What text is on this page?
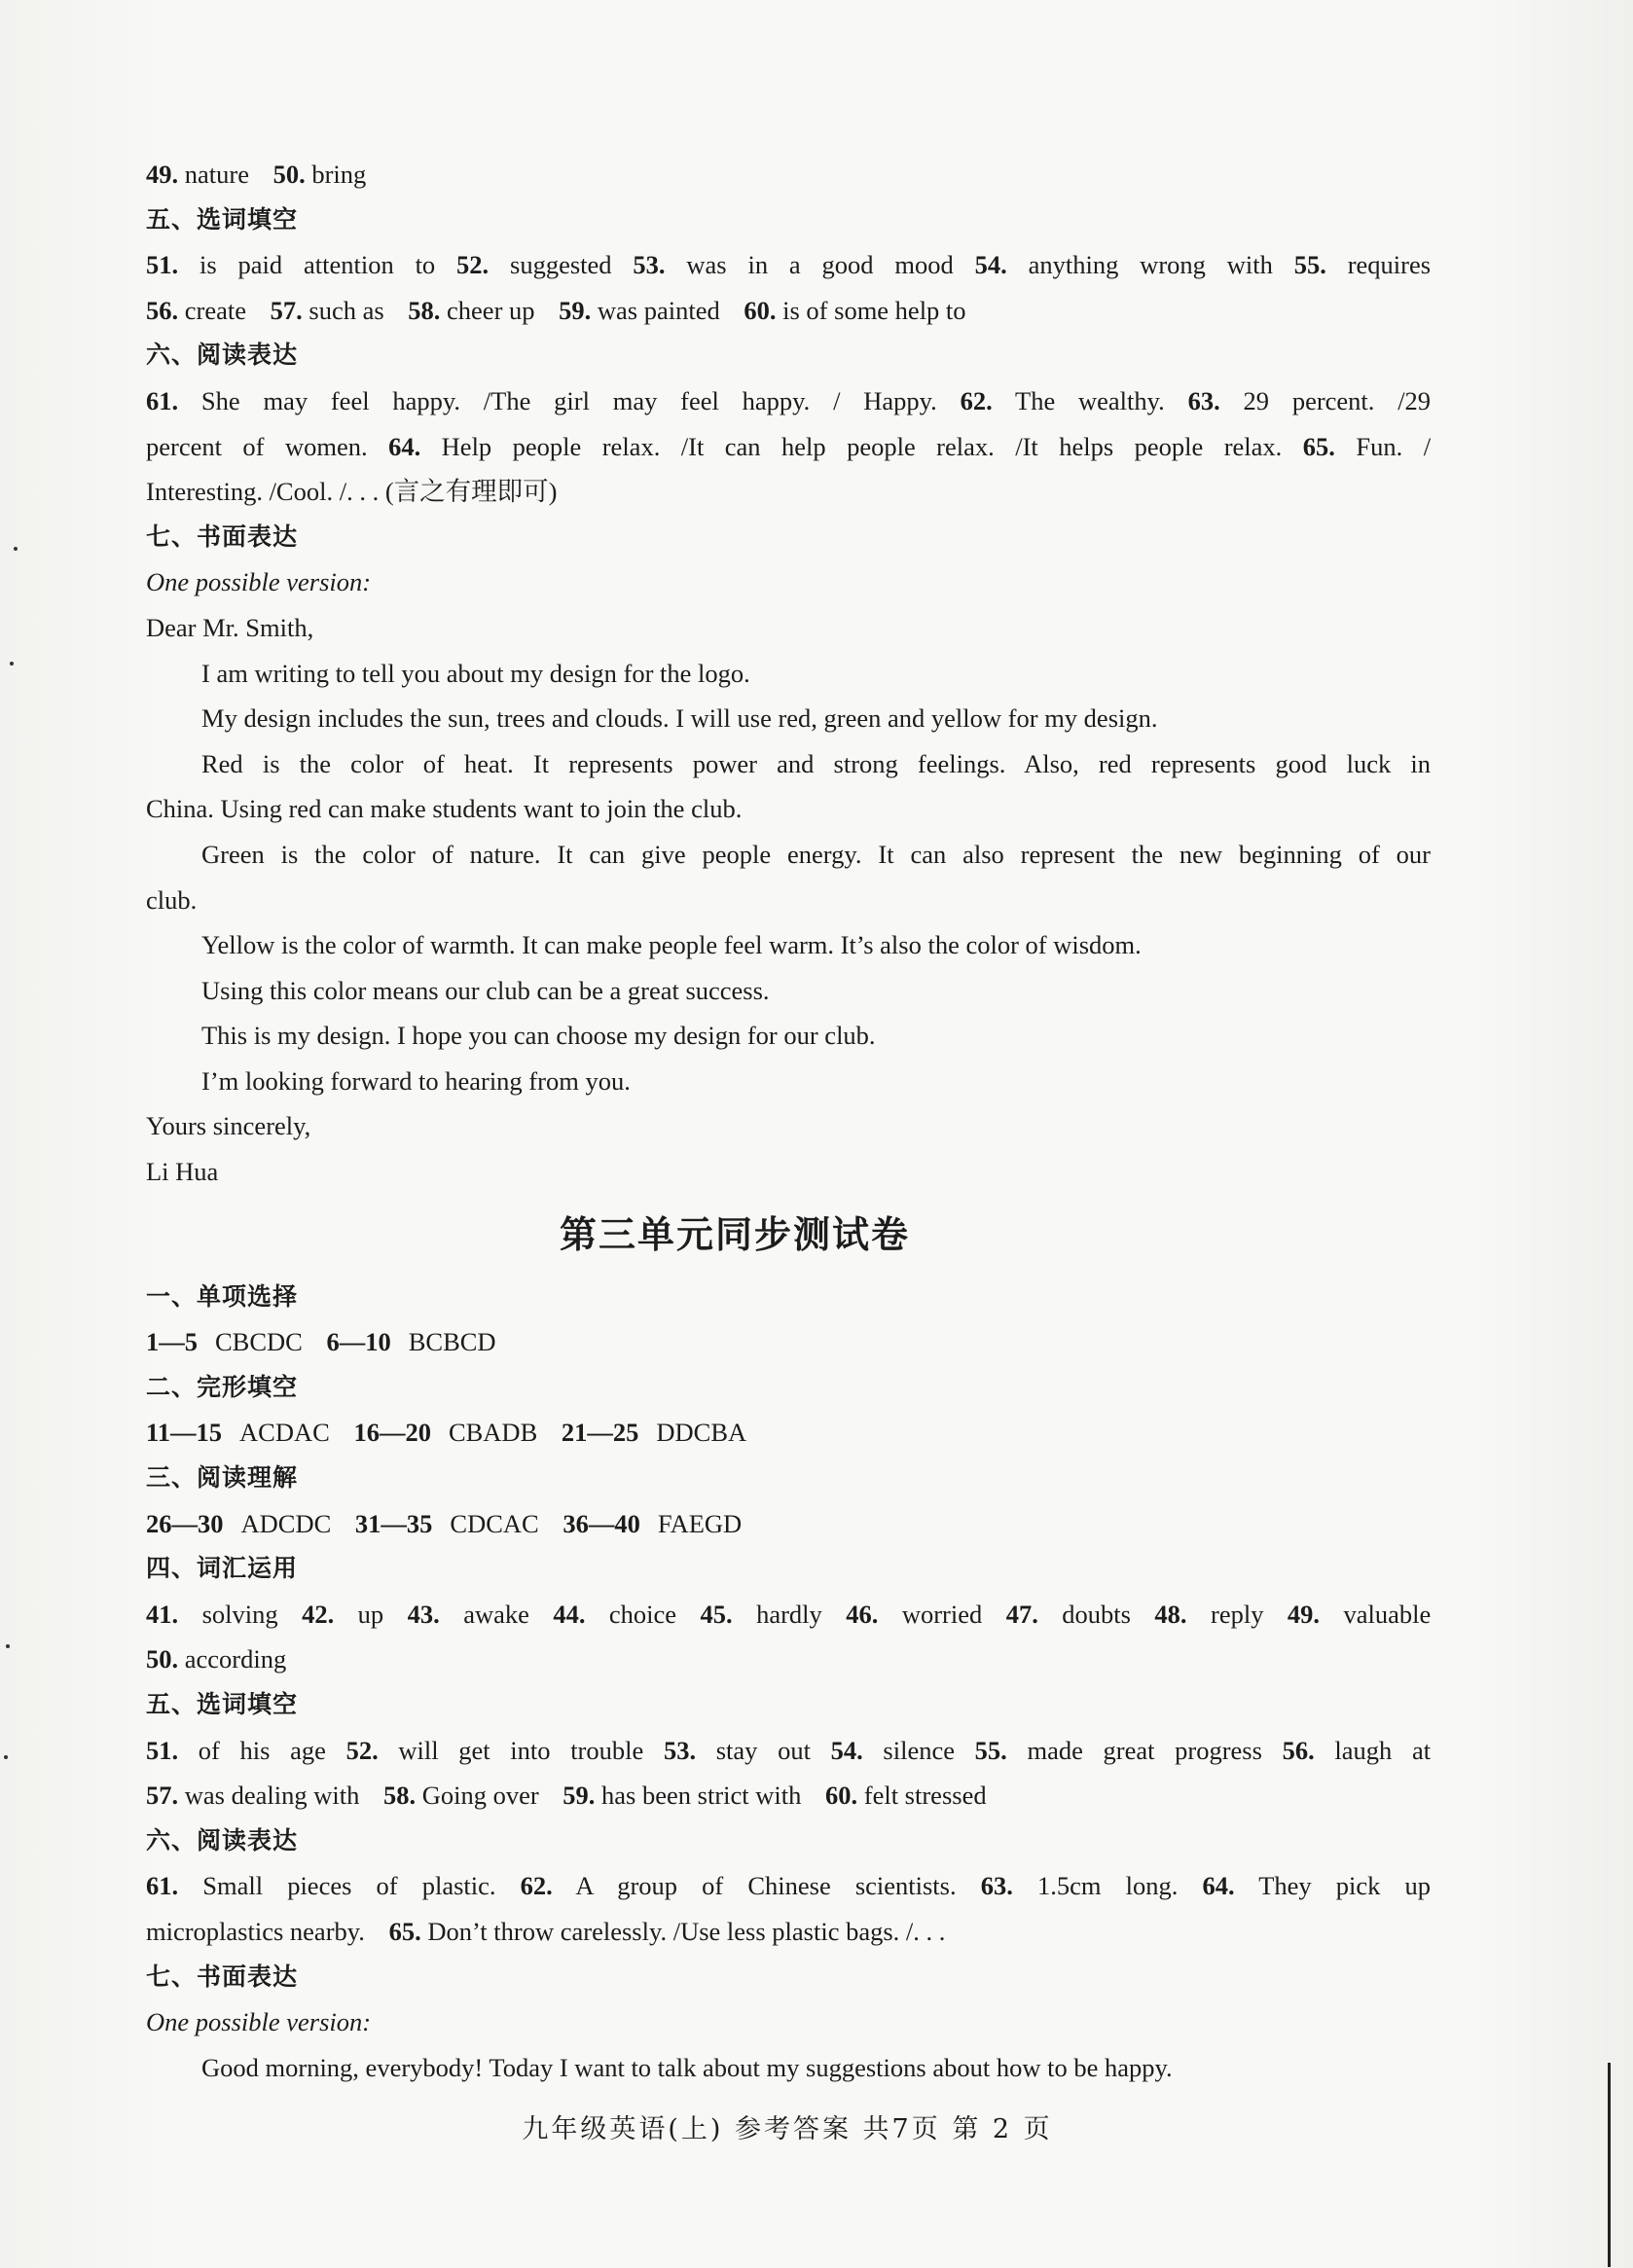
49. nature 50. bring
五、选词填空
51. is paid attention to 52. suggested 53. was in a good mood 54. anything wrong with 55. requires
56. create 57. such as 58. cheer up 59. was painted 60. is of some help to
六、阅读表达
61. She may feel happy. /The girl may feel happy. / Happy. 62. The wealthy. 63. 29 percent. /29
percent of women. 64. Help people relax. /It can help people relax. /It helps people relax. 65. Fun. /
Interesting. /Cool. /. . . (言之有理即可)
七、书面表达
One possible version:
Dear Mr. Smith,
I am writing to tell you about my design for the logo.
My design includes the sun, trees and clouds. I will use red, green and yellow for my design.
Red is the color of heat. It represents power and strong feelings. Also, red represents good luck in
China. Using red can make students want to join the club.
Green is the color of nature. It can give people energy. It can also represent the new beginning of our
club.
Yellow is the color of warmth. It can make people feel warm. It’s also the color of wisdom.
Using this color means our club can be a great success.
This is my design. I hope you can choose my design for our club.
I’m looking forward to hearing from you.
Yours sincerely,
Li Hua
第三单元同步测试卷
一、单项选择
1—5 CBCDC 6—10 BCBCD
二、完形填空
11—15 ACDAC 16—20 CBADB 21—25 DDCBA
三、阅读理解
26—30 ADCDC 31—35 CDCAC 36—40 FAEGD
四、词汇运用
41. solving 42. up 43. awake 44. choice 45. hardly 46. worried 47. doubts 48. reply 49. valuable
50. according
五、选词填空
51. of his age 52. will get into trouble 53. stay out 54. silence 55. made great progress 56. laugh at
57. was dealing with 58. Going over 59. has been strict with 60. felt stressed
六、阅读表达
61. Small pieces of plastic. 62. A group of Chinese scientists. 63. 1.5cm long. 64. They pick up
microplastics nearby. 65. Don’t throw carelessly. /Use less plastic bags. /. . .
七、书面表达
One possible version:
Good morning, everybody! Today I want to talk about my suggestions about how to be happy.
九年级英语(上) 参考答案 共7页 第 2 页
